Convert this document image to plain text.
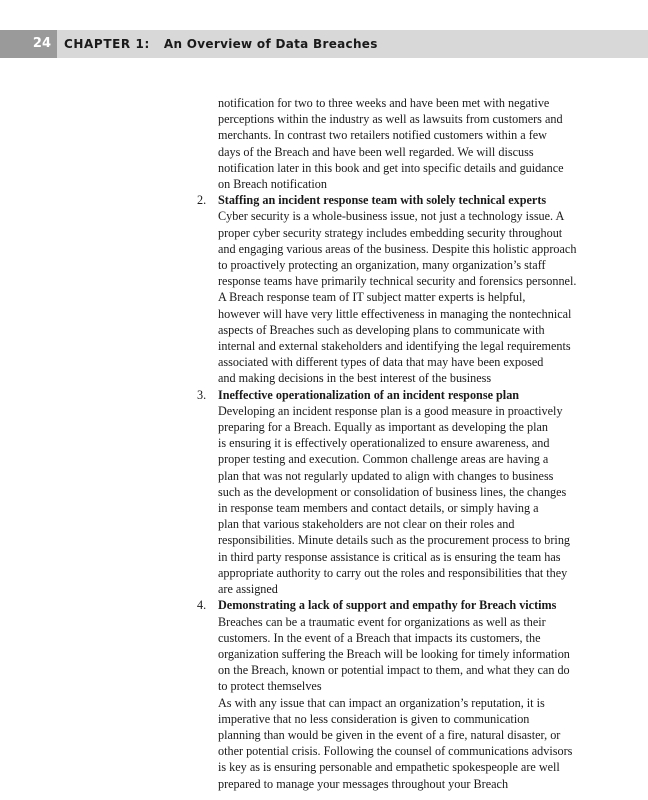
24	CHAPTER 1: An Overview of Data Breaches
notification for two to three weeks and have been met with negative
perceptions within the industry as well as lawsuits from customers and
merchants. In contrast two retailers notified customers within a few
days of the Breach and have been well regarded. We will discuss
notification later in this book and get into specific details and guidance
on Breach notification
2. Staffing an incident response team with solely technical experts
Cyber security is a whole-business issue, not just a technology issue. A
proper cyber security strategy includes embedding security throughout
and engaging various areas of the business. Despite this holistic approach
to proactively protecting an organization, many organization’s staff
response teams have primarily technical security and forensics personnel.
A Breach response team of IT subject matter experts is helpful,
however will have very little effectiveness in managing the nontechnical
aspects of Breaches such as developing plans to communicate with
internal and external stakeholders and identifying the legal requirements
associated with different types of data that may have been exposed
and making decisions in the best interest of the business
3. Ineffective operationalization of an incident response plan
Developing an incident response plan is a good measure in proactively
preparing for a Breach. Equally as important as developing the plan
is ensuring it is effectively operationalized to ensure awareness, and
proper testing and execution. Common challenge areas are having a
plan that was not regularly updated to align with changes to business
such as the development or consolidation of business lines, the changes
in response team members and contact details, or simply having a
plan that various stakeholders are not clear on their roles and
responsibilities. Minute details such as the procurement process to bring
in third party response assistance is critical as is ensuring the team has
appropriate authority to carry out the roles and responsibilities that they
are assigned
4. Demonstrating a lack of support and empathy for Breach victims
Breaches can be a traumatic event for organizations as well as their
customers. In the event of a Breach that impacts its customers, the
organization suffering the Breach will be looking for timely information
on the Breach, known or potential impact to them, and what they can do
to protect themselves
As with any issue that can impact an organization’s reputation, it is
imperative that no less consideration is given to communication
planning than would be given in the event of a fire, natural disaster, or
other potential crisis. Following the counsel of communications advisors
is key as is ensuring personable and empathetic spokespeople are well
prepared to manage your messages throughout your Breach
